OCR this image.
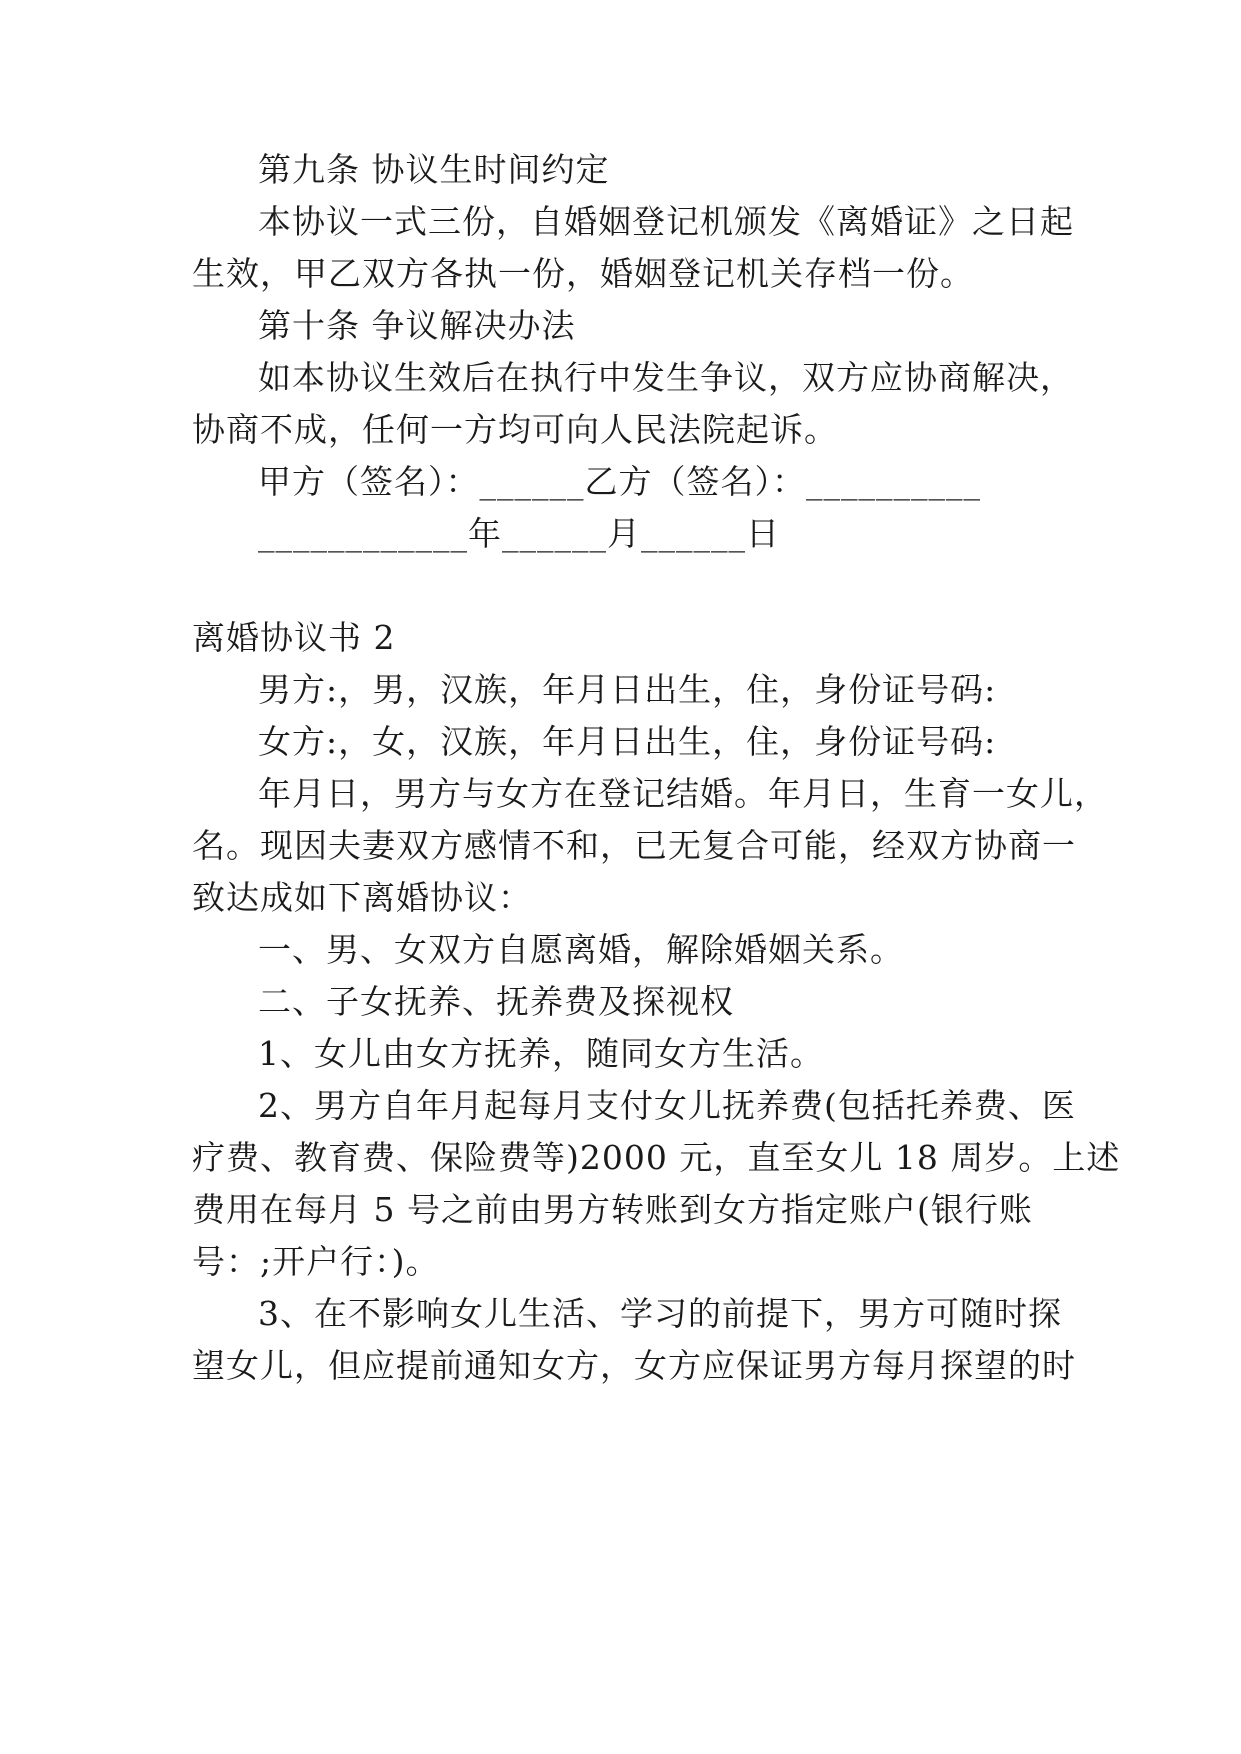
第九条 协议生时间约定
本协议一式三份，自婚姻登记机颁发《离婚证》之日起
生效，甲乙双方各执一份，婚姻登记机关存档一份。
第十条 争议解决办法
如本协议生效后在执行中发生争议，双方应协商解决，
协商不成，任何一方均可向人民法院起诉。
甲方（签名）：______乙方（签名）：__________
____________年______月______日
离婚协议书 2
男方:，男，汉族，年月日出生，住，身份证号码:
女方:，女，汉族，年月日出生，住，身份证号码:
年月日，男方与女方在登记结婚。年月日，生育一女儿，
名。现因夫妻双方感情不和，已无复合可能，经双方协商一
致达成如下离婚协议：
一、男、女双方自愿离婚，解除婚姻关系。
二、子女抚养、抚养费及探视权
1、女儿由女方抚养，随同女方生活。
2、男方自年月起每月支付女儿抚养费(包括托养费、医
疗费、教育费、保险费等)2000 元，直至女儿 18 周岁。上述
费用在每月 5 号之前由男方转账到女方指定账户(银行账
号：;开户行：)。
3、在不影响女儿生活、学习的前提下，男方可随时探
望女儿，但应提前通知女方，女方应保证男方每月探望的时
